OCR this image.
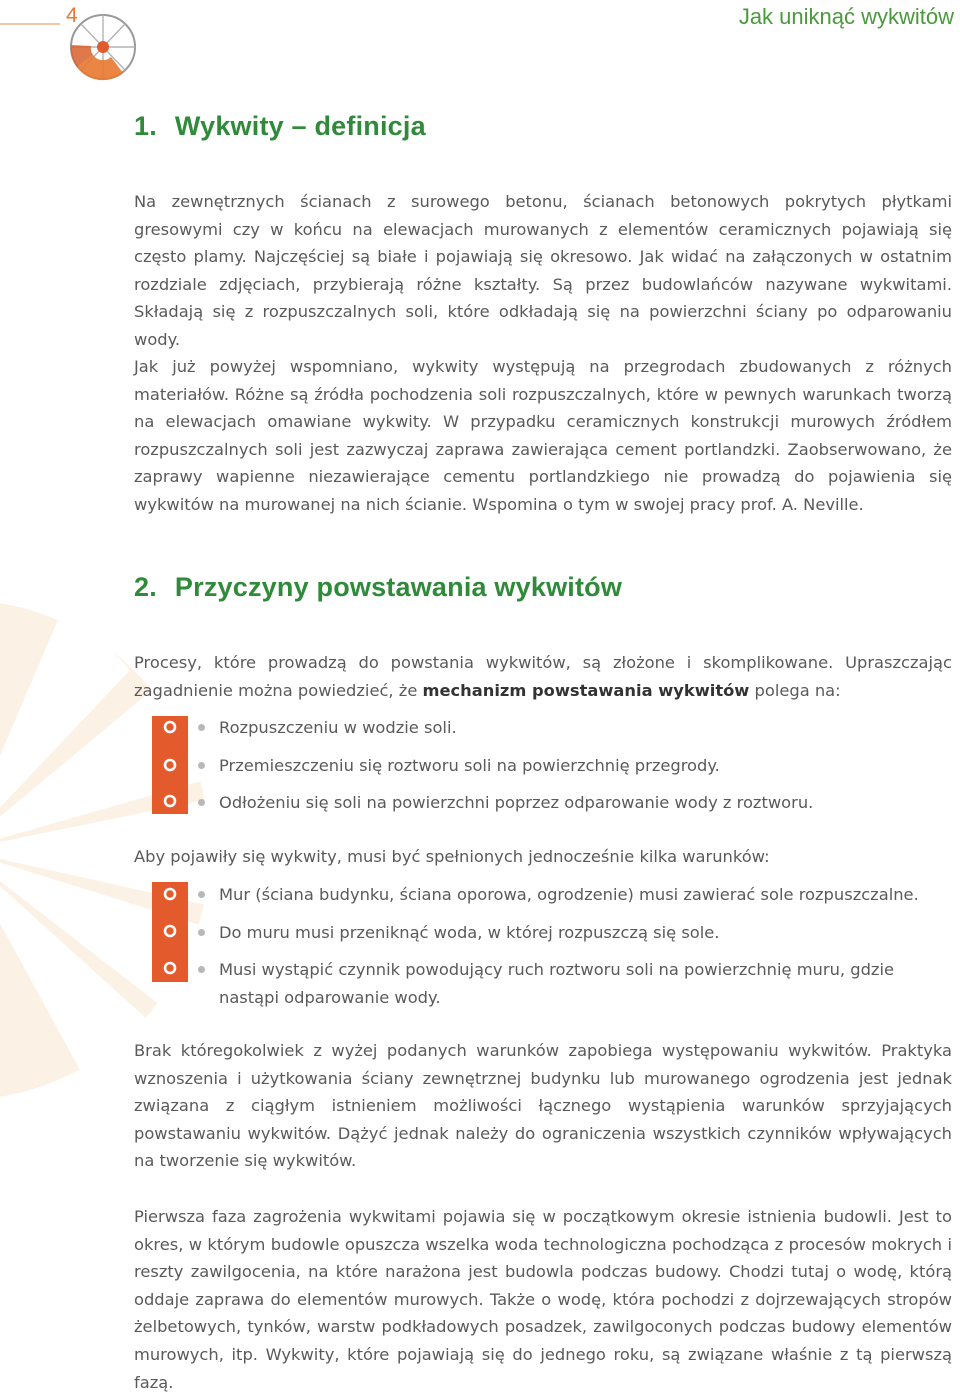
4	Jak uniknąć wykwitów
1. Wykwity – definicja

Na zewnętrznych ścianach z surowego betonu, ścianach betonowych pokrytych płytkami gresowymi czy w końcu na elewacjach murowanych z elementów ceramicznych pojawiają się często plamy. Najczęściej są białe i pojawiają się okresowo. Jak widać na załączonych w ostatnim rozdziale zdjęciach, przybierają różne kształty. Są przez budowlańców nazywane wykwitami. Składają się z rozpuszczalnych soli, które odkładają się na powierzchni ściany po odparowaniu wody.

Jak już powyżej wspomniano, wykwity występują na przegrodach zbudowanych z różnych materiałów. Różne są źródła pochodzenia soli rozpuszczalnych, które w pewnych warunkach tworzą na elewacjach omawiane wykwity. W przypadku ceramicznych konstrukcji murowych źródłem rozpuszczalnych soli jest zazwyczaj zaprawa zawierająca cement portlandzki. Zaobserwowano, że zaprawy wapienne niezawierające cementu portlandzkiego nie prowadzą do pojawienia się wykwitów na murowanej na nich ścianie. Wspomina o tym w swojej pracy prof. A. Neville.

2. Przyczyny powstawania wykwitów

Procesy, które prowadzą do powstania wykwitów, są złożone i skomplikowane. Upraszczając zagadnienie można powiedzieć, że mechanizm powstawania wykwitów polega na:

Rozpuszczeniu w wodzie soli.
Przemieszczeniu się roztworu soli na powierzchnię przegrody.
Odłożeniu się soli na powierzchni poprzez odparowanie wody z roztworu.

Aby pojawiły się wykwity, musi być spełnionych jednocześnie kilka warunków:

Mur (ściana budynku, ściana oporowa, ogrodzenie) musi zawierać sole rozpuszczalne.
Do muru musi przeniknąć woda, w której rozpuszczą się sole.
Musi wystąpić czynnik powodujący ruch roztworu soli na powierzchnię muru, gdzie nastąpi odparowanie wody.

Brak któregokolwiek z wyżej podanych warunków zapobiega występowaniu wykwitów. Praktyka wznoszenia i użytkowania ściany zewnętrznej budynku lub murowanego ogrodzenia jest jednak związana z ciągłym istnieniem możliwości łącznego wystąpienia warunków sprzyjających powstawaniu wykwitów. Dążyć jednak należy do ograniczenia wszystkich czynników wpływających na tworzenie się wykwitów.

Pierwsza faza zagrożenia wykwitami pojawia się w początkowym okresie istnienia budowli. Jest to okres, w którym budowle opuszcza wszelka woda technologiczna pochodząca z procesów mokrych i reszty zawilgocenia, na które narażona jest budowla podczas budowy. Chodzi tutaj o wodę, którą oddaje zaprawa do elementów murowych. Także o wodę, która pochodzi z dojrzewających stropów żelbetowych, tynków, warstw podkładowych posadzek, zawilgoconych podczas budowy elementów murowych, itp. Wykwity, które pojawiają się do jednego roku, są związane właśnie z tą pierwszą fazą.
